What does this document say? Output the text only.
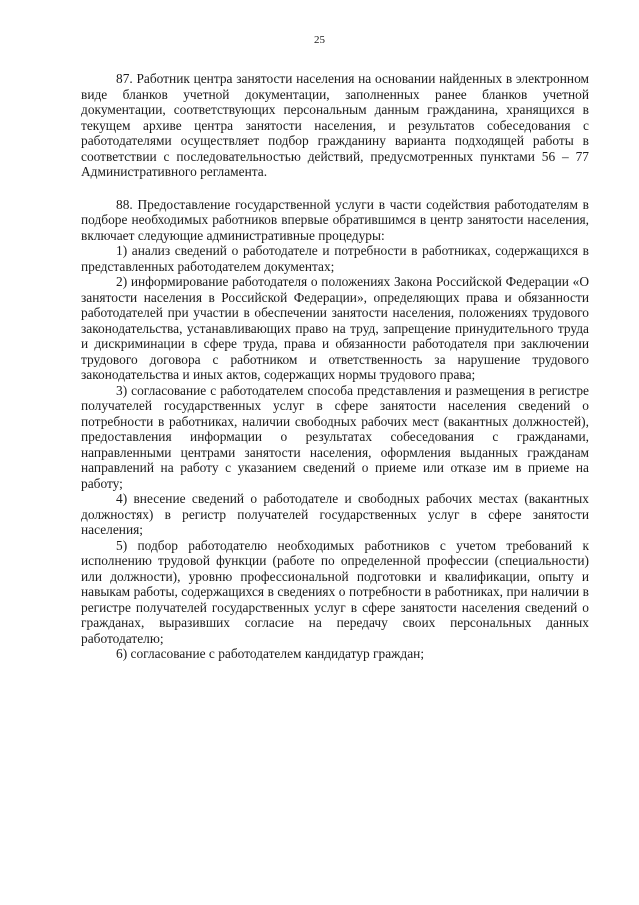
25

87. Работник центра занятости населения на основании найденных в электронном виде бланков учетной документации, заполненных ранее бланков учетной документации, соответствующих персональным данным гражданина, хранящихся в текущем архиве центра занятости населения, и результатов собеседования с работодателями осуществляет подбор гражданину варианта подходящей работы в соответствии с последовательностью действий, предусмотренных пунктами 56 – 77 Административного регламента.

88. Предоставление государственной услуги в части содействия работодателям в подборе необходимых работников впервые обратившимся в центр занятости населения, включает следующие административные процедуры:

1) анализ сведений о работодателе и потребности в работниках, содержащихся в представленных работодателем документах;

2) информирование работодателя о положениях Закона Российской Федерации «О занятости населения в Российской Федерации», определяющих права и обязанности работодателей при участии в обеспечении занятости населения, положениях трудового законодательства, устанавливающих право на труд, запрещение принудительного труда и дискриминации в сфере труда, права и обязанности работодателя при заключении трудового договора с работником и ответственность за нарушение трудового законодательства и иных актов, содержащих нормы трудового права;

3) согласование с работодателем способа представления и размещения в регистре получателей государственных услуг в сфере занятости населения сведений о потребности в работниках, наличии свободных рабочих мест (вакантных должностей), предоставления информации о результатах собеседования с гражданами, направленными центрами занятости населения, оформления выданных гражданам направлений на работу с указанием сведений о приеме или отказе им в приеме на работу;

4) внесение сведений о работодателе и свободных рабочих местах (вакантных должностях) в регистр получателей государственных услуг в сфере занятости населения;

5) подбор работодателю необходимых работников с учетом требований к исполнению трудовой функции (работе по определенной профессии (специальности) или должности), уровню профессиональной подготовки и квалификации, опыту и навыкам работы, содержащихся в сведениях о потребности в работниках, при наличии в регистре получателей государственных услуг в сфере занятости населения сведений о гражданах, выразивших согласие на передачу своих персональных данных работодателю;

6) согласование с работодателем кандидатур граждан;
